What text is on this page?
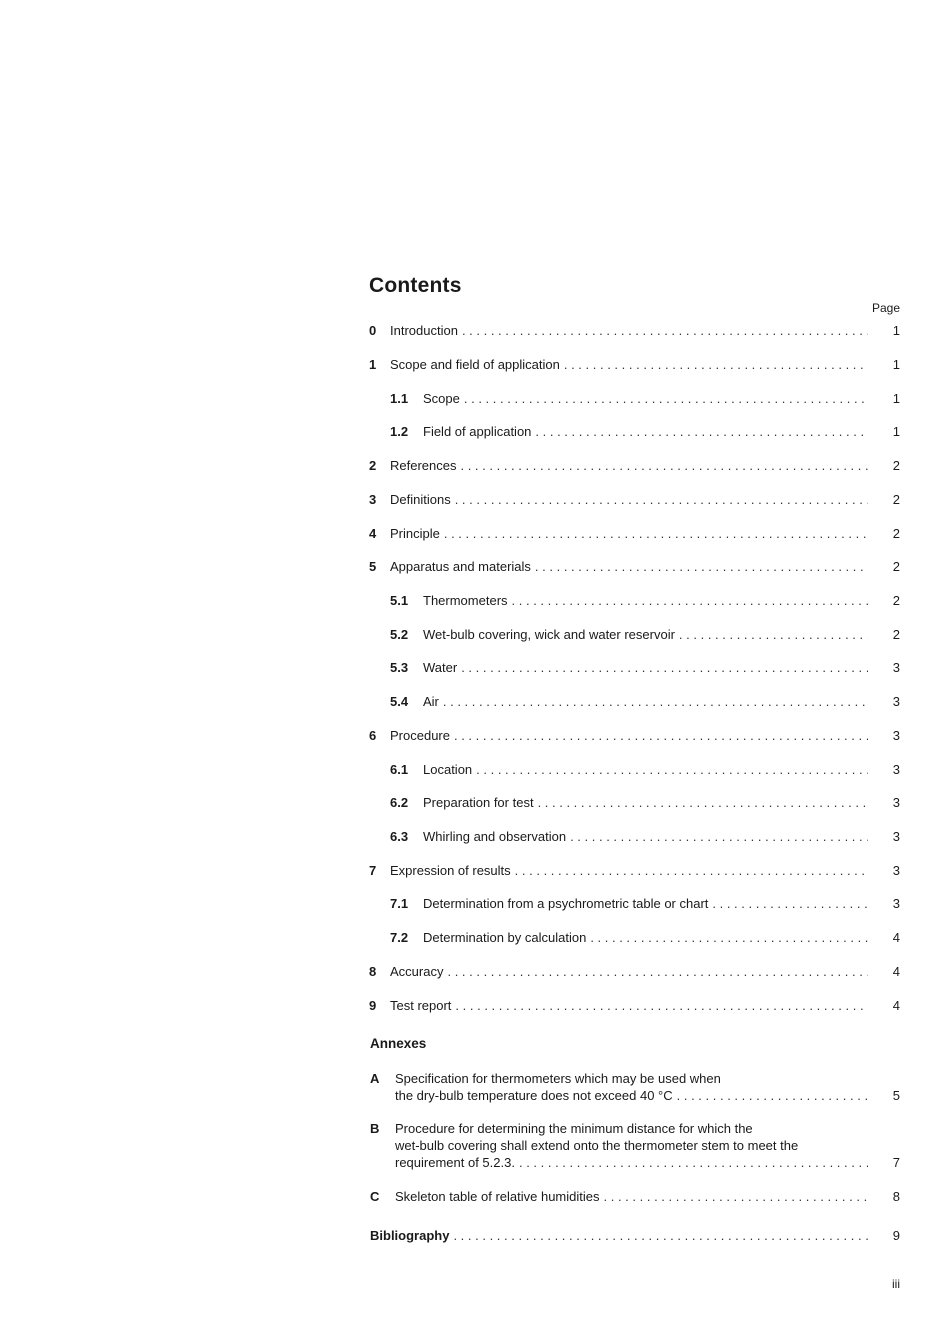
Contents
Page
0 Introduction . . .	1
1 Scope and field of application . . .	1
1.1 Scope . . .	1
1.2 Field of application . . .	1
2 References . . .	2
3 Definitions . . .	2
4 Principle . . .	2
5 Apparatus and materials . . .	2
5.1 Thermometers . . .	2
5.2 Wet-bulb covering, wick and water reservoir . . .	2
5.3 Water . . .	3
5.4 Air . . .	3
6 Procedure . . .	3
6.1 Location . . .	3
6.2 Preparation for test . . .	3
6.3 Whirling and observation . . .	3
7 Expression of results . . .	3
7.1 Determination from a psychrometric table or chart . . .	3
7.2 Determination by calculation . . .	4
8 Accuracy . . .	4
9 Test report . . .	4
Annexes
A Specification for thermometers which may be used when
the dry-bulb temperature does not exceed 40 °C . . .	5
B Procedure for determining the minimum distance for which the
wet-bulb covering shall extend onto the thermometer stem to meet the
requirement of 5.2.3. . . .	7
C Skeleton table of relative humidities . . .	8
Bibliography . . .	9
iii
